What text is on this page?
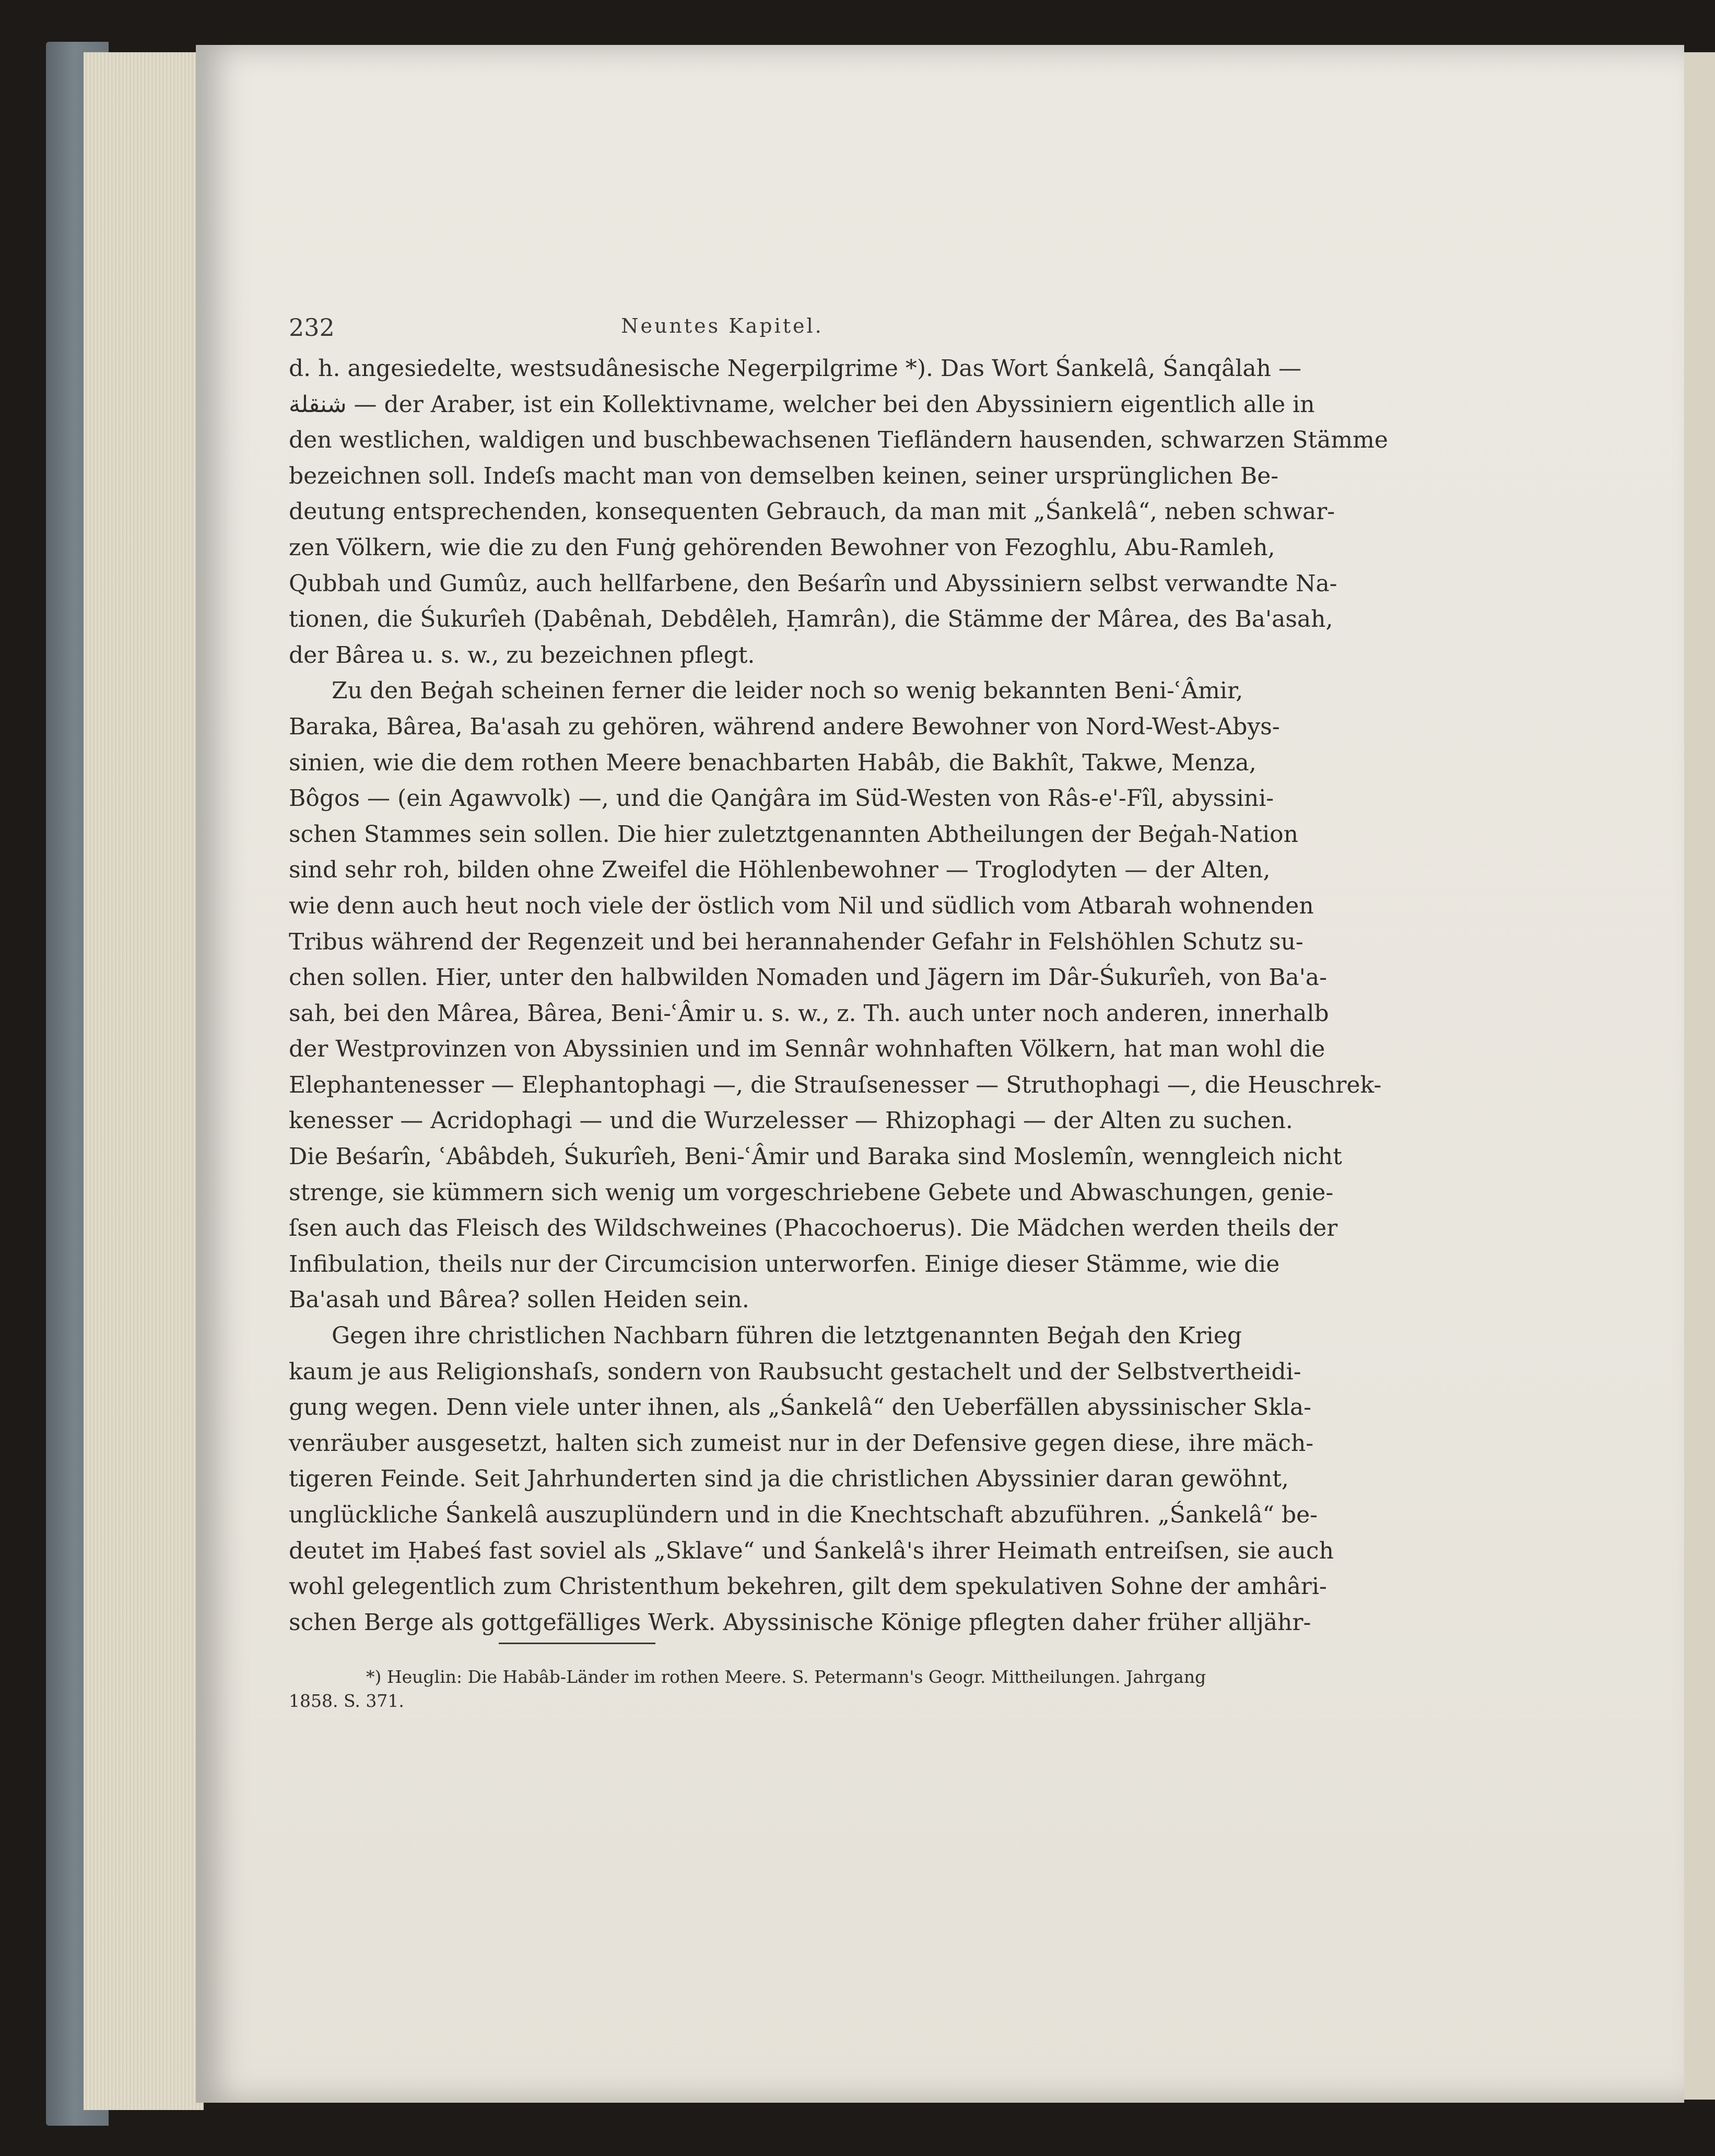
232	Neuntes Kapitel.
d. h. angesiedelte, westsudânesische Negerpilgrime *). Das Wort Śankelâ, Śanqâlah —
شنقلة — der Araber, ist ein Kollektivname, welcher bei den Abyssiniern eigentlich alle in
den westlichen, waldigen und buschbewachsenen Tiefländern hausenden, schwarzen Stämme
bezeichnen soll. Indeſs macht man von demselben keinen, seiner ursprünglichen Be-
deutung entsprechenden, konsequenten Gebrauch, da man mit „Śankelâ“, neben schwar-
zen Völkern, wie die zu den Funġ gehörenden Bewohner von Fezoghlu, Abu-Ramleh,
Qubbah und Gumûz, auch hellfarbene, den Beśarîn und Abyssiniern selbst verwandte Na-
tionen, die Śukurîeh (Ḍabênah, Debdêleh, Ḥamrân), die Stämme der Mârea, des Ba'asah,
der Bârea u. s. w., zu bezeichnen pflegt.
Zu den Beġah scheinen ferner die leider noch so wenig bekannten Beni-ʿÂmir,
Baraka, Bârea, Ba'asah zu gehören, während andere Bewohner von Nord-West-Abys-
sinien, wie die dem rothen Meere benachbarten Habâb, die Bakhît, Takwe, Menza,
Bôgos — (ein Agawvolk) —, und die Qanġâra im Süd-Westen von Râs-e'-Fîl, abyssini-
schen Stammes sein sollen. Die hier zuletztgenannten Abtheilungen der Beġah-Nation
sind sehr roh, bilden ohne Zweifel die Höhlenbewohner — Troglodyten — der Alten,
wie denn auch heut noch viele der östlich vom Nil und südlich vom Atbarah wohnenden
Tribus während der Regenzeit und bei herannahender Gefahr in Felshöhlen Schutz su-
chen sollen. Hier, unter den halbwilden Nomaden und Jägern im Dâr-Śukurîeh, von Ba'a-
sah, bei den Mârea, Bârea, Beni-ʿÂmir u. s. w., z. Th. auch unter noch anderen, innerhalb
der Westprovinzen von Abyssinien und im Sennâr wohnhaften Völkern, hat man wohl die
Elephantenesser — Elephantophagi —, die Strauſsenesser — Struthophagi —, die Heuschrek-
kenesser — Acridophagi — und die Wurzelesser — Rhizophagi — der Alten zu suchen.
Die Beśarîn, ʿAbâbdeh, Śukurîeh, Beni-ʿÂmir und Baraka sind Moslemîn, wenngleich nicht
strenge, sie kümmern sich wenig um vorgeschriebene Gebete und Abwaschungen, genie-
ſsen auch das Fleisch des Wildschweines (Phacochoerus). Die Mädchen werden theils der
Infibulation, theils nur der Circumcision unterworfen. Einige dieser Stämme, wie die
Ba'asah und Bârea? sollen Heiden sein.
Gegen ihre christlichen Nachbarn führen die letztgenannten Beġah den Krieg
kaum je aus Religionshaſs, sondern von Raubsucht gestachelt und der Selbstvertheidi-
gung wegen. Denn viele unter ihnen, als „Śankelâ“ den Ueberfällen abyssinischer Skla-
venräuber ausgesetzt, halten sich zumeist nur in der Defensive gegen diese, ihre mäch-
tigeren Feinde. Seit Jahrhunderten sind ja die christlichen Abyssinier daran gewöhnt,
unglückliche Śankelâ auszuplündern und in die Knechtschaft abzuführen. „Śankelâ“ be-
deutet im Ḥabeś fast soviel als „Sklave“ und Śankelâ's ihrer Heimath entreiſsen, sie auch
wohl gelegentlich zum Christenthum bekehren, gilt dem spekulativen Sohne der amhâri-
schen Berge als gottgefälliges Werk. Abyssinische Könige pflegten daher früher alljähr-
*) Heuglin: Die Habâb-Länder im rothen Meere. S. Petermann's Geogr. Mittheilungen. Jahrgang
1858. S. 371.
